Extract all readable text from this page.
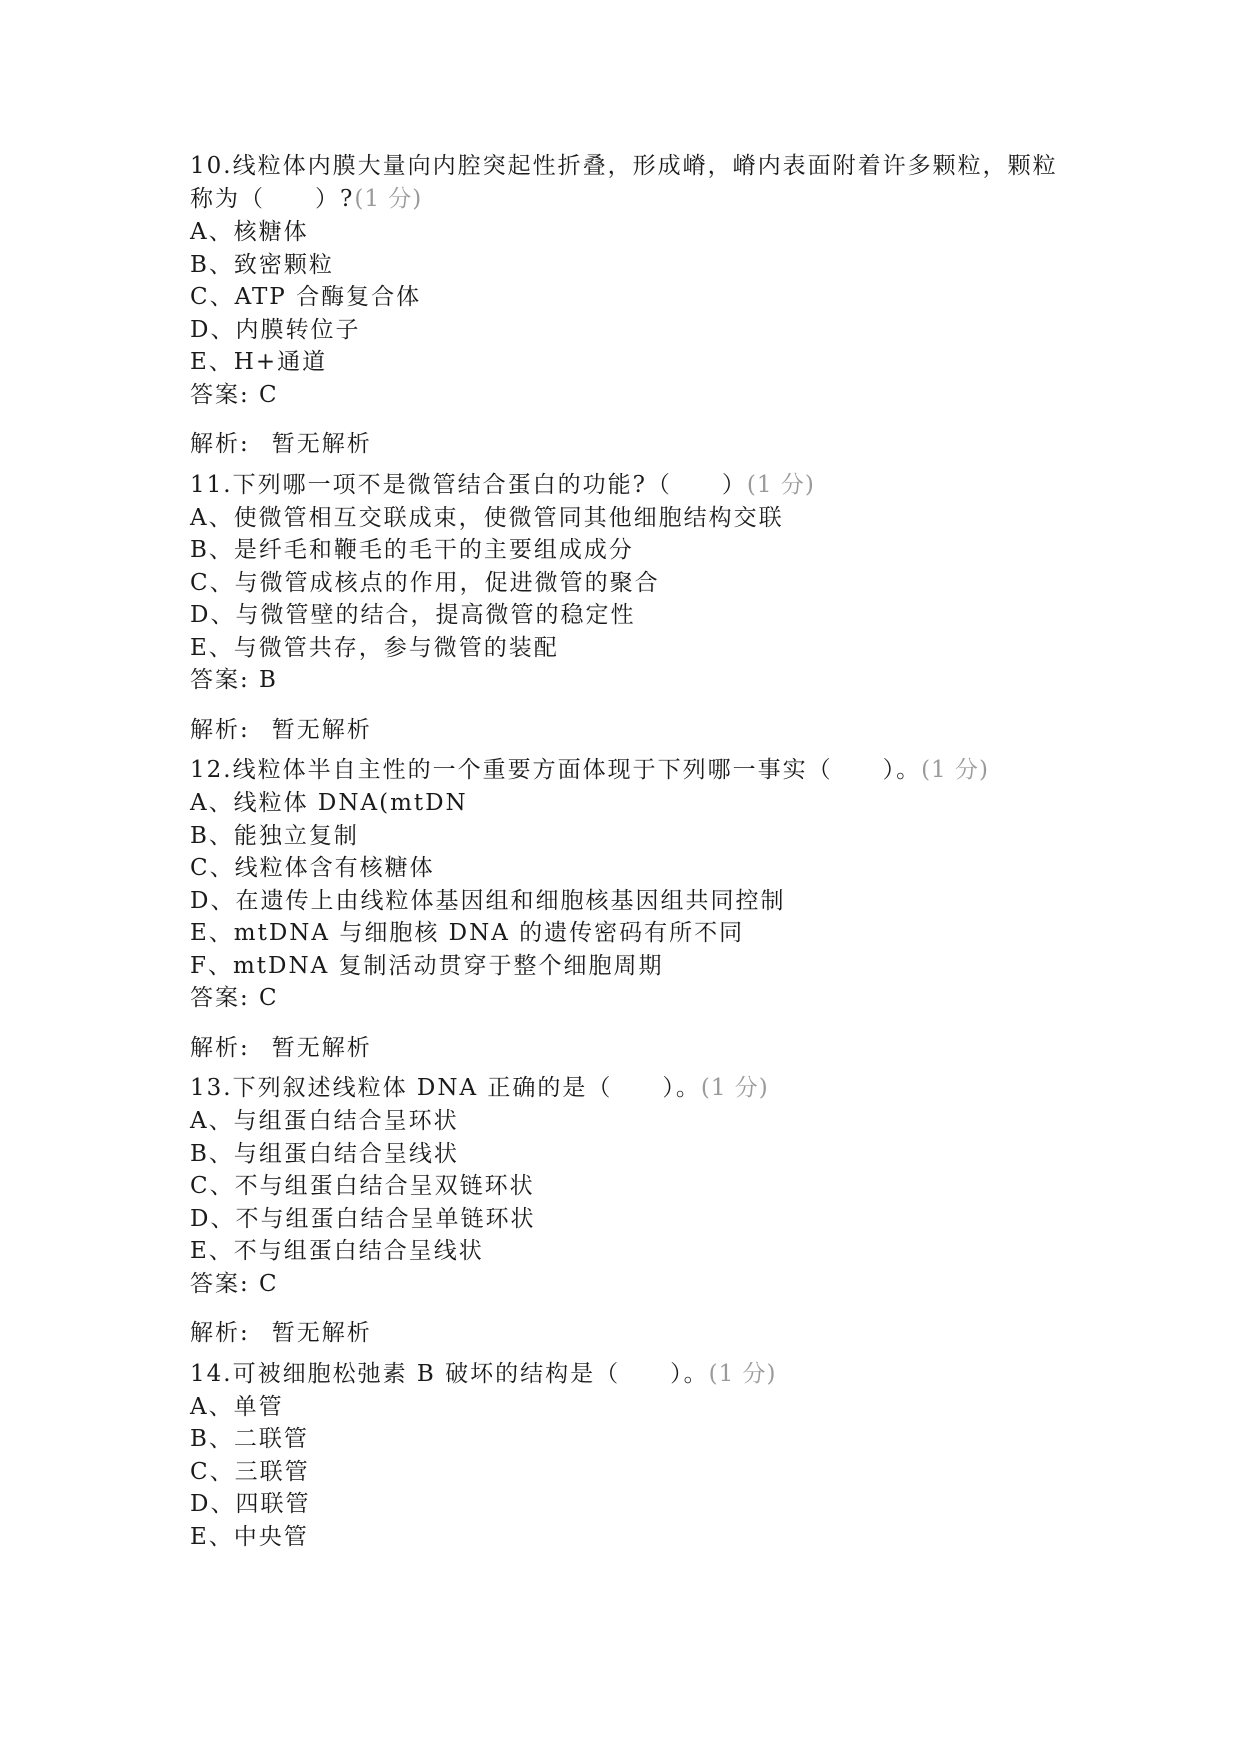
10.线粒体内膜大量向内腔突起性折叠，形成嵴，嵴内表面附着许多颗粒，颗粒称为（　　）?(1 分)

A、核糖体

B、致密颗粒

C、ATP 合酶复合体

D、内膜转位子

E、H+通道

答案: C

解析: 暂无解析

11.下列哪一项不是微管结合蛋白的功能?（　　）(1 分)

A、使微管相互交联成束，使微管同其他细胞结构交联

B、是纤毛和鞭毛的毛干的主要组成成分

C、与微管成核点的作用，促进微管的聚合

D、与微管壁的结合，提高微管的稳定性

E、与微管共存，参与微管的装配

答案: B

解析: 暂无解析

12.线粒体半自主性的一个重要方面体现于下列哪一事实（　　）。(1 分)

A、线粒体 DNA(mtDN

B、能独立复制

C、线粒体含有核糖体

D、在遗传上由线粒体基因组和细胞核基因组共同控制

E、mtDNA 与细胞核 DNA 的遗传密码有所不同

F、mtDNA 复制活动贯穿于整个细胞周期

答案: C

解析: 暂无解析

13.下列叙述线粒体 DNA 正确的是（　　）。(1 分)

A、与组蛋白结合呈环状

B、与组蛋白结合呈线状

C、不与组蛋白结合呈双链环状

D、不与组蛋白结合呈单链环状

E、不与组蛋白结合呈线状

答案: C

解析: 暂无解析

14.可被细胞松弛素 B 破坏的结构是（　　）。(1 分)

A、单管

B、二联管

C、三联管

D、四联管

E、中央管
